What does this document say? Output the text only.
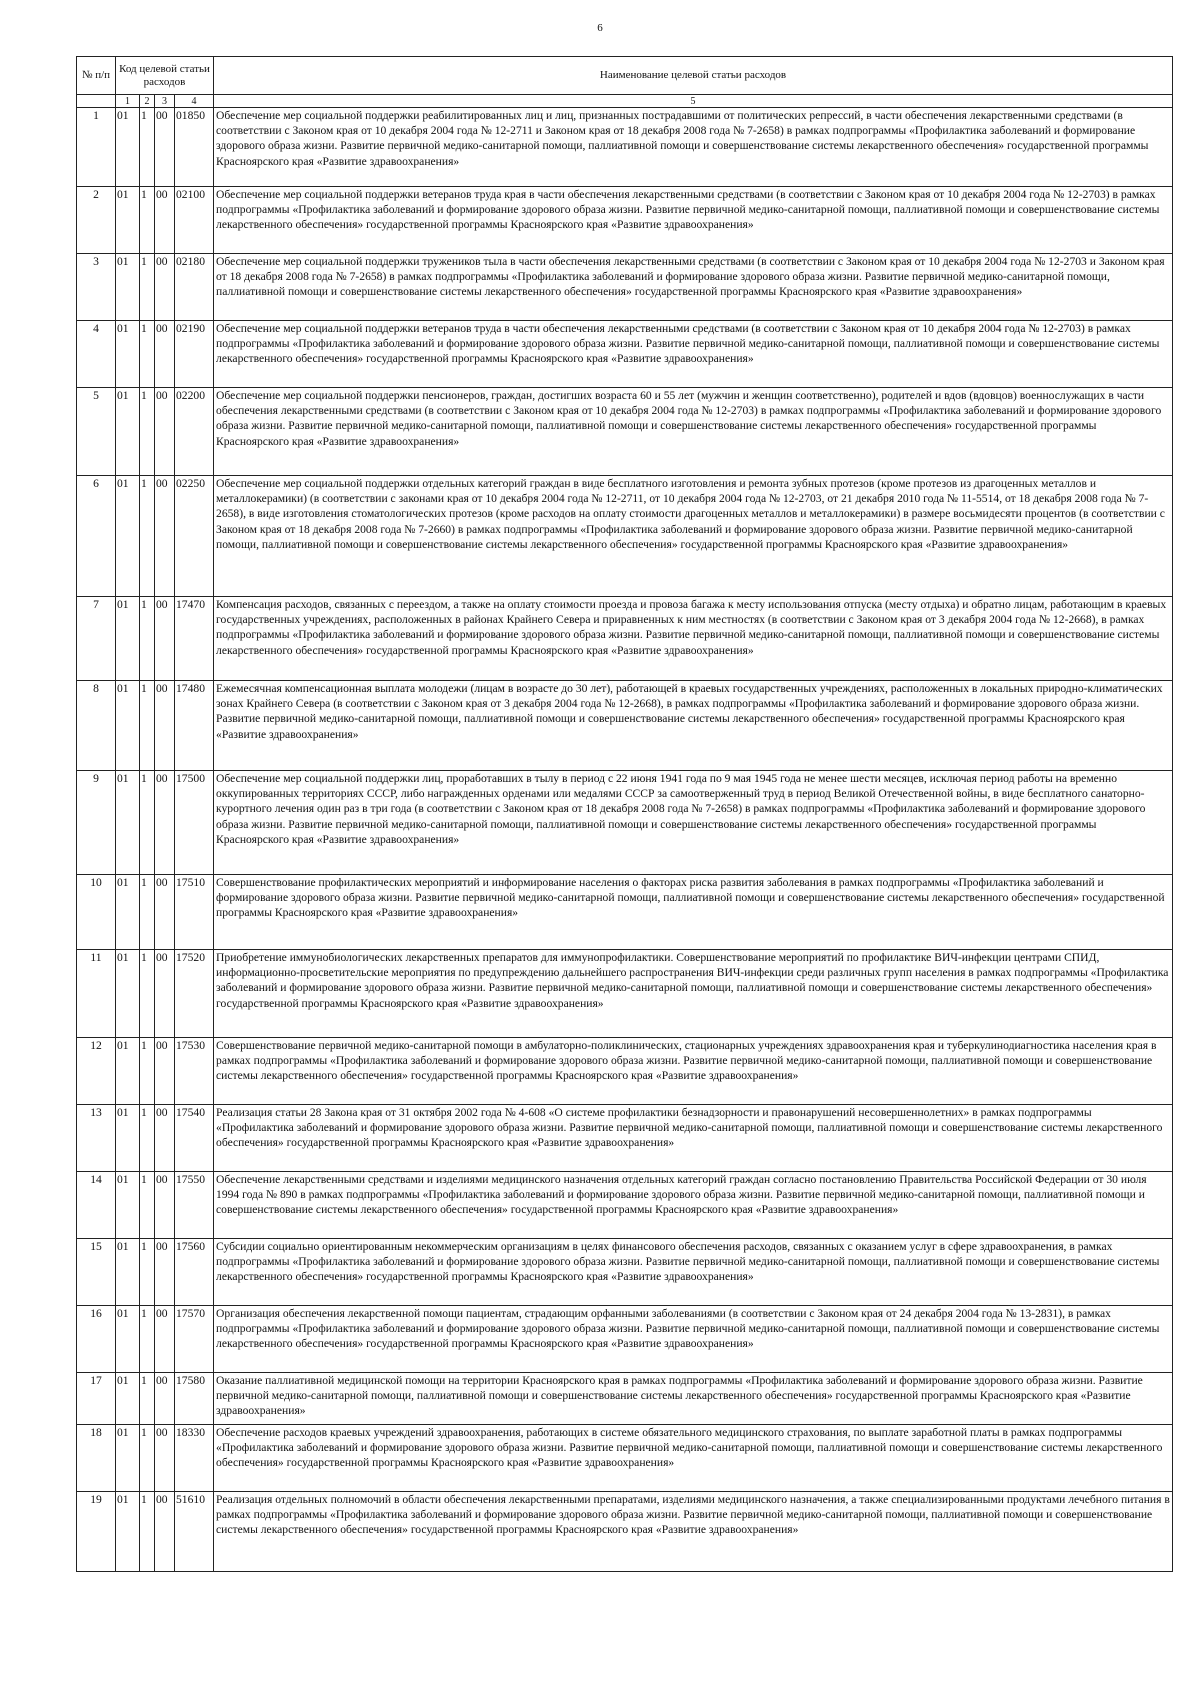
6
№ п/п	Код целевой статьи расходов				Наименование целевой статьи расходов
	1	2	3	4	5
1	01	1	00	01850	Обеспечение мер социальной поддержки реабилитированных лиц и лиц, признанных пострадавшими от политических репрессий, в части обеспечения лекарственными средствами (в соответствии с Законом края от 10 декабря 2004 года № 12-2711 и Законом края от 18 декабря 2008 года № 7-2658) в рамках подпрограммы «Профилактика заболеваний и формирование здорового образа жизни. Развитие первичной медико-санитарной помощи, паллиативной помощи и совершенствование системы лекарственного обеспечения» государственной программы Красноярского края «Развитие здравоохранения»
2	01	1	00	02100	Обеспечение мер социальной поддержки ветеранов труда края в части обеспечения лекарственными средствами (в соответствии с Законом края от 10 декабря 2004 года № 12-2703) в рамках подпрограммы «Профилактика заболеваний и формирование здорового образа жизни. Развитие первичной медико-санитарной помощи, паллиативной помощи и совершенствование системы лекарственного обеспечения» государственной программы Красноярского края «Развитие здравоохранения»
3	01	1	00	02180	Обеспечение мер социальной поддержки тружеников тыла в части обеспечения лекарственными средствами (в соответствии с Законом края от 10 декабря 2004 года № 12-2703 и Законом края от 18 декабря 2008 года № 7-2658) в рамках подпрограммы «Профилактика заболеваний и формирование здорового образа жизни. Развитие первичной медико-санитарной помощи, паллиативной помощи и совершенствование системы лекарственного обеспечения» государственной программы Красноярского края «Развитие здравоохранения»
4	01	1	00	02190	Обеспечение мер социальной поддержки ветеранов труда в части обеспечения лекарственными средствами (в соответствии с Законом края от 10 декабря 2004 года № 12-2703) в рамках подпрограммы «Профилактика заболеваний и формирование здорового образа жизни. Развитие первичной медико-санитарной помощи, паллиативной помощи и совершенствование системы лекарственного обеспечения» государственной программы Красноярского края «Развитие здравоохранения»
5	01	1	00	02200	Обеспечение мер социальной поддержки пенсионеров, граждан, достигших возраста 60 и 55 лет (мужчин и женщин соответственно), родителей и вдов (вдовцов) военнослужащих в части обеспечения лекарственными средствами (в соответствии с Законом края от 10 декабря 2004 года № 12-2703) в рамках подпрограммы «Профилактика заболеваний и формирование здорового образа жизни. Развитие первичной медико-санитарной помощи, паллиативной помощи и совершенствование системы лекарственного обеспечения» государственной программы Красноярского края «Развитие здравоохранения»
6	01	1	00	02250	Обеспечение мер социальной поддержки отдельных категорий граждан в виде бесплатного изготовления и ремонта зубных протезов (кроме протезов из драгоценных металлов и металлокерамики) (в соответствии с законами края от 10 декабря 2004 года № 12-2711, от 10 декабря 2004 года № 12-2703, от 21 декабря 2010 года № 11-5514, от 18 декабря 2008 года № 7-2658), в виде изготовления стоматологических протезов (кроме расходов на оплату стоимости драгоценных металлов и металлокерамики) в размере восьмидесяти процентов (в соответствии с Законом края от 18 декабря 2008 года № 7-2660) в рамках подпрограммы «Профилактика заболеваний и формирование здорового образа жизни. Развитие первичной медико-санитарной помощи, паллиативной помощи и совершенствование системы лекарственного обеспечения» государственной программы Красноярского края «Развитие здравоохранения»
7	01	1	00	17470	Компенсация расходов, связанных с переездом, а также на оплату стоимости проезда и провоза багажа к месту использования отпуска (месту отдыха) и обратно лицам, работающим в краевых государственных учреждениях, расположенных в районах Крайнего Севера и приравненных к ним местностях (в соответствии с Законом края от 3 декабря 2004 года № 12-2668), в рамках подпрограммы «Профилактика заболеваний и формирование здорового образа жизни. Развитие первичной медико-санитарной помощи, паллиативной помощи и совершенствование системы лекарственного обеспечения» государственной программы Красноярского края «Развитие здравоохранения»
8	01	1	00	17480	Ежемесячная компенсационная выплата молодежи (лицам в возрасте до 30 лет), работающей в краевых государственных учреждениях, расположенных в локальных природно-климатических зонах Крайнего Севера (в соответствии с Законом края от 3 декабря 2004 года № 12-2668), в рамках подпрограммы «Профилактика заболеваний и формирование здорового образа жизни. Развитие первичной медико-санитарной помощи, паллиативной помощи и совершенствование системы лекарственного обеспечения» государственной программы Красноярского края «Развитие здравоохранения»
9	01	1	00	17500	Обеспечение мер социальной поддержки лиц, проработавших в тылу в период с 22 июня 1941 года по 9 мая 1945 года не менее шести месяцев, исключая период работы на временно оккупированных территориях СССР, либо награжденных орденами или медалями СССР за самоотверженный труд в период Великой Отечественной войны, в виде бесплатного санаторно-курортного лечения один раз в три года (в соответствии с Законом края от 18 декабря 2008 года № 7-2658) в рамках подпрограммы «Профилактика заболеваний и формирование здорового образа жизни. Развитие первичной медико-санитарной помощи, паллиативной помощи и совершенствование системы лекарственного обеспечения» государственной программы Красноярского края «Развитие здравоохранения»
10	01	1	00	17510	Совершенствование профилактических мероприятий и информирование населения о факторах риска развития заболевания в рамках подпрограммы «Профилактика заболеваний и формирование здорового образа жизни. Развитие первичной медико-санитарной помощи, паллиативной помощи и совершенствование системы лекарственного обеспечения» государственной программы Красноярского края «Развитие здравоохранения»
11	01	1	00	17520	Приобретение иммунобиологических лекарственных препаратов для иммунопрофилактики. Совершенствование мероприятий по профилактике ВИЧ-инфекции центрами СПИД, информационно-просветительские мероприятия по предупреждению дальнейшего распространения ВИЧ-инфекции среди различных групп населения в рамках подпрограммы «Профилактика заболеваний и формирование здорового образа жизни. Развитие первичной медико-санитарной помощи, паллиативной помощи и совершенствование системы лекарственного обеспечения» государственной программы Красноярского края «Развитие здравоохранения»
12	01	1	00	17530	Совершенствование первичной медико-санитарной помощи в амбулаторно-поликлинических, стационарных учреждениях здравоохранения края и туберкулинодиагностика населения края в рамках подпрограммы «Профилактика заболеваний и формирование здорового образа жизни. Развитие первичной медико-санитарной помощи, паллиативной помощи и совершенствование системы лекарственного обеспечения» государственной программы Красноярского края «Развитие здравоохранения»
13	01	1	00	17540	Реализация статьи 28 Закона края от 31 октября 2002 года № 4-608 «О системе профилактики безнадзорности и правонарушений несовершеннолетних» в рамках подпрограммы «Профилактика заболеваний и формирование здорового образа жизни. Развитие первичной медико-санитарной помощи, паллиативной помощи и совершенствование системы лекарственного обеспечения» государственной программы Красноярского края «Развитие здравоохранения»
14	01	1	00	17550	Обеспечение лекарственными средствами и изделиями медицинского назначения отдельных категорий граждан согласно постановлению Правительства Российской Федерации от 30 июля 1994 года № 890 в рамках подпрограммы «Профилактика заболеваний и формирование здорового образа жизни. Развитие первичной медико-санитарной помощи, паллиативной помощи и совершенствование системы лекарственного обеспечения» государственной программы Красноярского края «Развитие здравоохранения»
15	01	1	00	17560	Субсидии социально ориентированным некоммерческим организациям в целях финансового обеспечения расходов, связанных с оказанием услуг в сфере здравоохранения, в рамках подпрограммы «Профилактика заболеваний и формирование здорового образа жизни. Развитие первичной медико-санитарной помощи, паллиативной помощи и совершенствование системы лекарственного обеспечения» государственной программы Красноярского края «Развитие здравоохранения»
16	01	1	00	17570	Организация обеспечения лекарственной помощи пациентам, страдающим орфанными заболеваниями (в соответствии с Законом края от 24 декабря 2004 года № 13-2831), в рамках подпрограммы «Профилактика заболеваний и формирование здорового образа жизни. Развитие первичной медико-санитарной помощи, паллиативной помощи и совершенствование системы лекарственного обеспечения» государственной программы Красноярского края «Развитие здравоохранения»
17	01	1	00	17580	Оказание паллиативной медицинской помощи на территории Красноярского края в рамках подпрограммы «Профилактика заболеваний и формирование здорового образа жизни. Развитие первичной медико-санитарной помощи, паллиативной помощи и совершенствование системы лекарственного обеспечения» государственной программы Красноярского края «Развитие здравоохранения»
18	01	1	00	18330	Обеспечение расходов краевых учреждений здравоохранения, работающих в системе обязательного медицинского страхования, по выплате заработной платы в рамках подпрограммы «Профилактика заболеваний и формирование здорового образа жизни. Развитие первичной медико-санитарной помощи, паллиативной помощи и совершенствование системы лекарственного обеспечения» государственной программы Красноярского края «Развитие здравоохранения»
19	01	1	00	51610	Реализация отдельных полномочий в области обеспечения лекарственными препаратами, изделиями медицинского назначения, а также специализированными продуктами лечебного питания в рамках подпрограммы «Профилактика заболеваний и формирование здорового образа жизни. Развитие первичной медико-санитарной помощи, паллиативной помощи и совершенствование системы лекарственного обеспечения» государственной программы Красноярского края «Развитие здравоохранения»
